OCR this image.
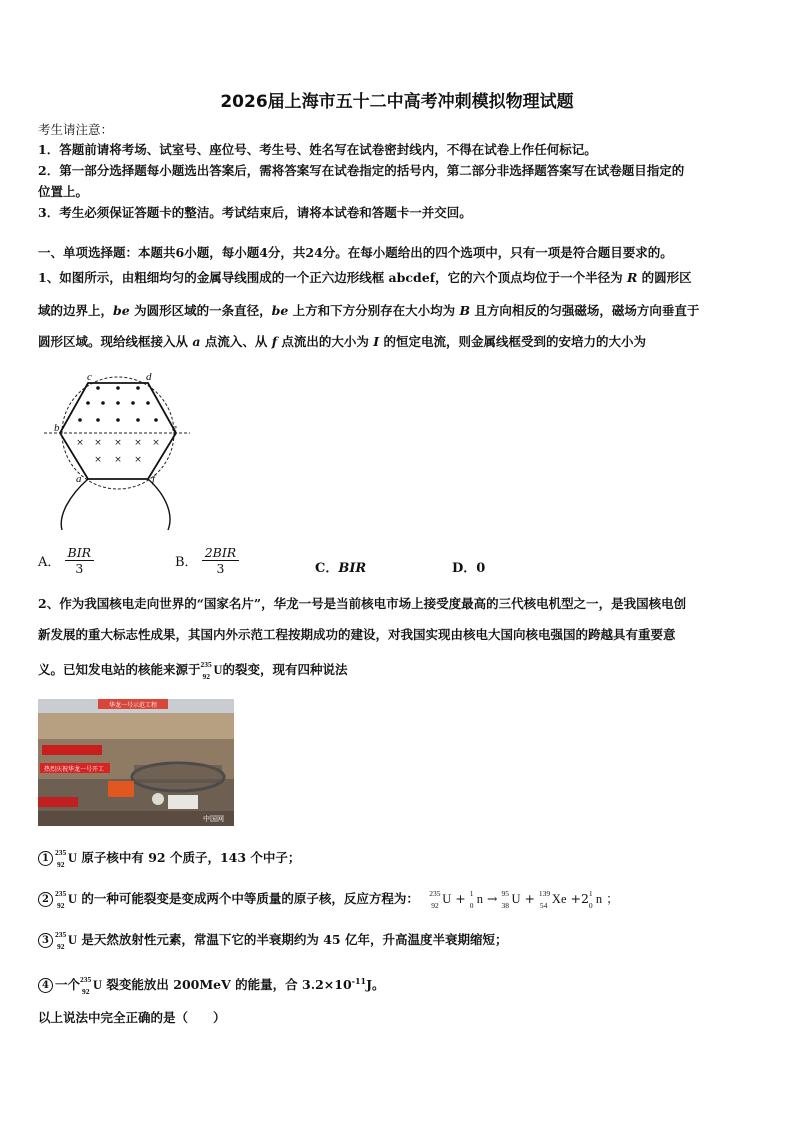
2026届上海市五十二中高考冲刺模拟物理试题
考生请注意：
1．答题前请将考场、试室号、座位号、考生号、姓名写在试卷密封线内，不得在试卷上作任何标记。
2．第一部分选择题每小题选出答案后，需将答案写在试卷指定的括号内，第二部分非选择题答案写在试卷题目指定的
位置上。
3．考生必须保证答题卡的整洁。考试结束后，请将本试卷和答题卡一并交回。
一、单项选择题：本题共6小题，每小题4分，共24分。在每小题给出的四个选项中，只有一项是符合题目要求的。
1、如图所示，由粗细均匀的金属导线围成的一个正六边形线框 abcdef，它的六个顶点均位于一个半径为 R 的圆形区
域的边界上，be 为圆形区域的一条直径，be 上方和下方分别存在大小均为 B 且方向相反的匀强磁场，磁场方向垂直于
圆形区域。现给线框接入从 a 点流入、从 f 点流出的大小为 I 的恒定电流，则金属线框受到的安培力的大小为
× × × × ×
× × ×
c	d
b	e
a	f
A． $\frac{\text{BIR}}{3}$	B． $\frac{\text{2BIR}}{3}$	C．BIR	D．0
2、作为我国核电走向世界的“国家名片”，华龙一号是当前核电市场上接受度最高的三代核电机型之一，是我国核电创
新发展的重大标志性成果，其国内外示范工程按期成功的建设，对我国实现由核电大国向核电强国的跨越具有重要意
义。已知发电站的核能来源于 235
92 U的裂变，现有四种说法
华龙一号示范工程
热烈庆祝华龙一号开工
中国网
1
235
92 U 原子核中有 92 个质子，143 个中子；
2
235
92 U 的一种可能裂变是变成两个中等质量的原子核，反应方程为： 235
92 U + 1
0 n → 95
38 U + 139
54 Xe +2 1
0 n ；
3
235
92 U 是天然放射性元素，常温下它的半衰期约为 45 亿年，升高温度半衰期缩短；
4 一个 235
92 U 裂变能放出 200MeV 的能量，合 $3.2\times 10^{-11}J$。
以上说法中完全正确的是（　　）
